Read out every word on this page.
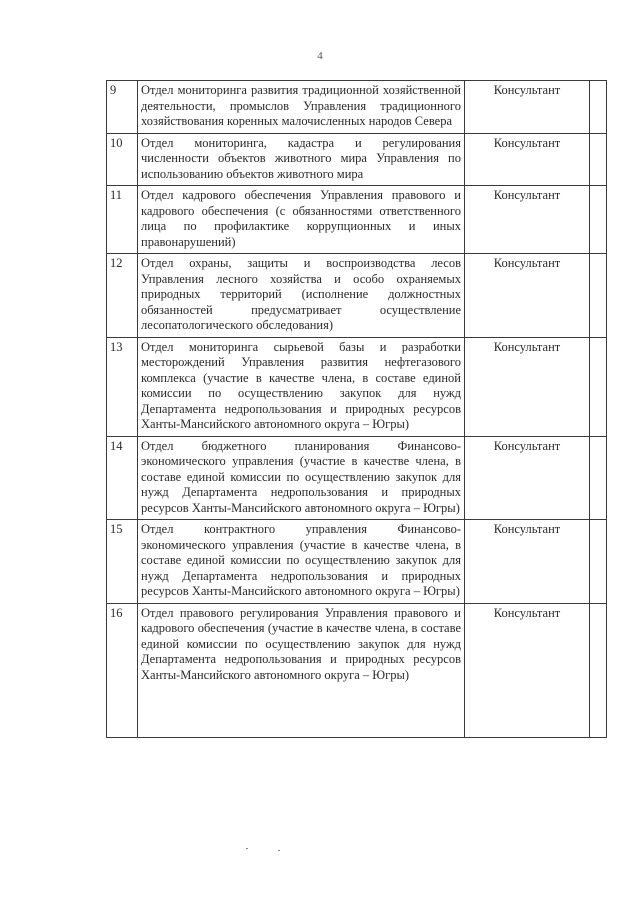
4
9	Отдел мониторинга развития традиционной хозяйственной деятельности, промыслов Управления традиционного хозяйствования коренных малочисленных народов Севера	Консультант	
10	Отдел мониторинга, кадастра и регулирования численности объектов животного мира Управления по использованию объектов животного мира	Консультант	
11	Отдел кадрового обеспечения Управления правового и кадрового обеспечения (с обязанностями ответственного лица по профилактике коррупционных и иных правонарушений)	Консультант	
12	Отдел охраны, защиты и воспроизводства лесов Управления лесного хозяйства и особо охраняемых природных территорий (исполнение должностных обязанностей предусматривает осуществление лесопатологического обследования)	Консультант	
13	Отдел мониторинга сырьевой базы и разработки месторождений Управления развития нефтегазового комплекса (участие в качестве члена, в составе единой комиссии по осуществлению закупок для нужд Департамента недропользования и природных ресурсов Ханты-Мансийского автономного округа – Югры)	Консультант	
14	Отдел бюджетного планирования Финансово-экономического управления (участие в качестве члена, в составе единой комиссии по осуществлению закупок для нужд Департамента недропользования и природных ресурсов Ханты-Мансийского автономного округа – Югры)	Консультант	
15	Отдел контрактного управления Финансово-экономического управления (участие в качестве члена, в составе единой комиссии по осуществлению закупок для нужд Департамента недропользования и природных ресурсов Ханты-Мансийского автономного округа – Югры)	Консультант	
16	Отдел правового регулирования Управления правового и кадрового обеспечения (участие в качестве члена, в составе единой комиссии по осуществлению закупок для нужд Департамента недропользования и природных ресурсов Ханты-Мансийского автономного округа – Югры)	Консультант	
